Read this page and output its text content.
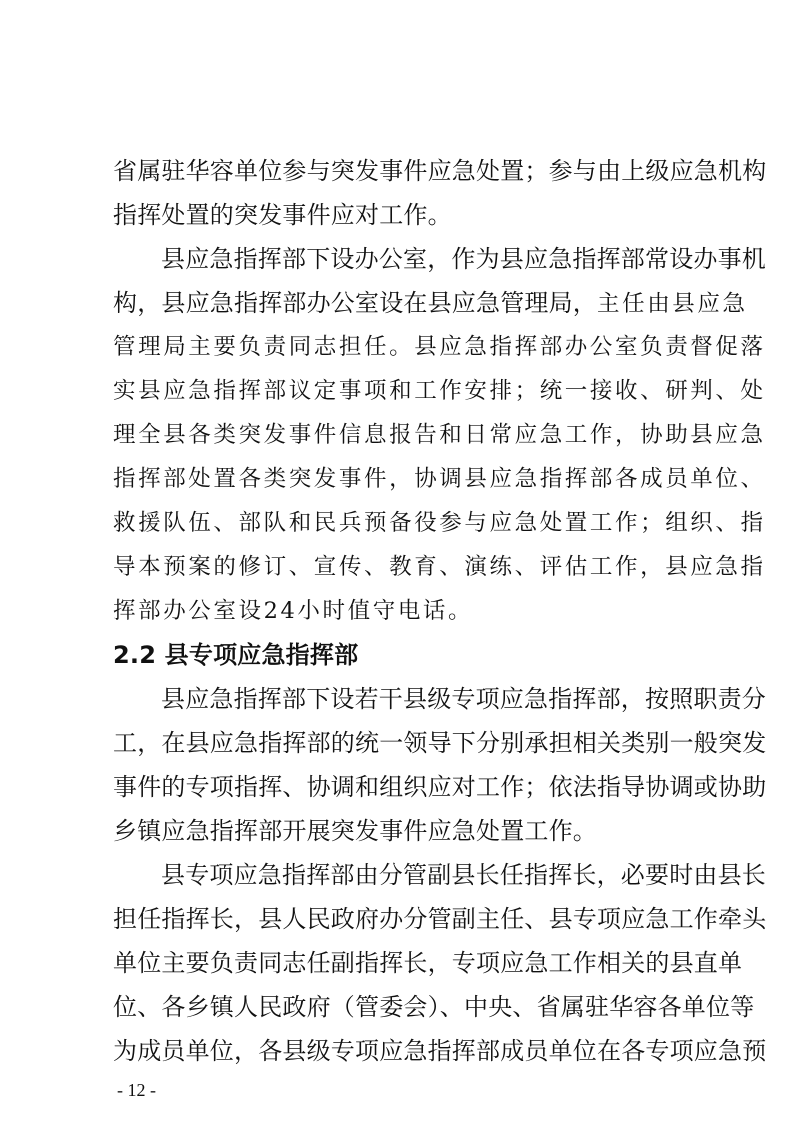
省属驻华容单位参与突发事件应急处置；参与由上级应急机构
指挥处置的突发事件应对工作。
县应急指挥部下设办公室，作为县应急指挥部常设办事机
构，县应急指挥部办公室设在县应急管理局，主任由县应急
管理局主要负责同志担任。县应急指挥部办公室负责督促落
实县应急指挥部议定事项和工作安排；统一接收、研判、处
理全县各类突发事件信息报告和日常应急工作，协助县应急
指挥部处置各类突发事件，协调县应急指挥部各成员单位、
救援队伍、部队和民兵预备役参与应急处置工作；组织、指
导本预案的修订、宣传、教育、演练、评估工作，县应急指
挥部办公室设24小时值守电话。
2.2 县专项应急指挥部
县应急指挥部下设若干县级专项应急指挥部，按照职责分
工，在县应急指挥部的统一领导下分别承担相关类别一般突发
事件的专项指挥、协调和组织应对工作；依法指导协调或协助
乡镇应急指挥部开展突发事件应急处置工作。
县专项应急指挥部由分管副县长任指挥长，必要时由县长
担任指挥长，县人民政府办分管副主任、县专项应急工作牵头
单位主要负责同志任副指挥长，专项应急工作相关的县直单
位、各乡镇人民政府（管委会）、中央、省属驻华容各单位等
为成员单位，各县级专项应急指挥部成员单位在各专项应急预
- 12 -
